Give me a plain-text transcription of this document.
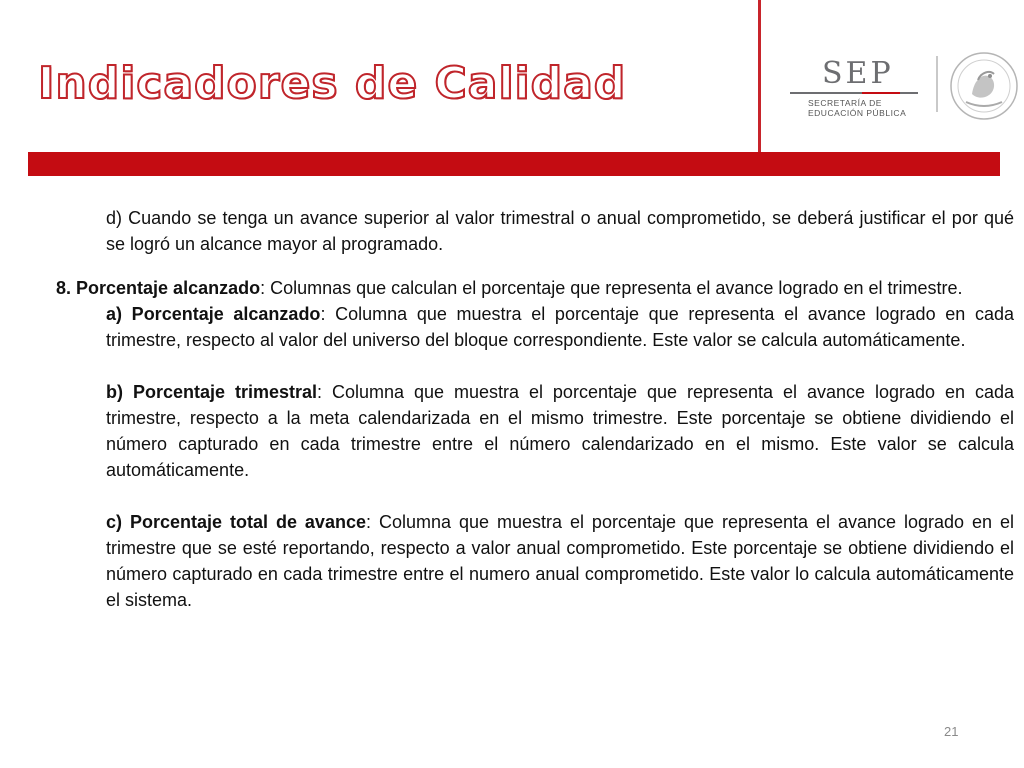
Indicadores de Calidad	SEP
SECRETARÍA DE
EDUCACIÓN PÚBLICA

d) Cuando se tenga un avance superior al valor trimestral o anual comprometido, se deberá justificar el por qué se logró un alcance mayor al programado.

8. Porcentaje alcanzado: Columnas que calculan el porcentaje que representa el avance logrado en el trimestre.

a) Porcentaje alcanzado: Columna que muestra el porcentaje que representa el avance logrado en cada trimestre, respecto al valor del universo del bloque correspondiente. Este valor se calcula automáticamente.

b) Porcentaje trimestral: Columna que muestra el porcentaje que representa el avance logrado en cada trimestre, respecto a la meta calendarizada en el mismo trimestre. Este porcentaje se obtiene dividiendo el número capturado en cada trimestre entre el número calendarizado en el mismo. Este valor se calcula automáticamente.

c) Porcentaje total de avance: Columna que muestra el porcentaje que representa el avance logrado en el trimestre que se esté reportando, respecto a valor anual comprometido. Este porcentaje se obtiene dividiendo el número capturado en cada trimestre entre el numero anual comprometido. Este valor lo calcula automáticamente el sistema.

21
